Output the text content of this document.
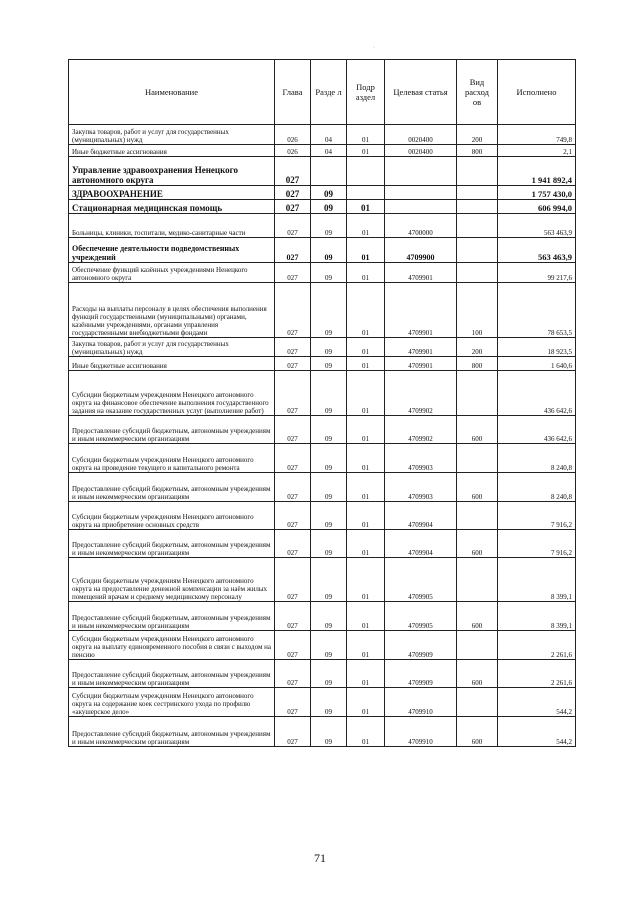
·
Наименование	Глава	Разде л	Подр аздел	Целевая статья	Вид расход ов	Исполнено
Закупка товаров, работ и услуг для государственных (муниципальных) нужд	026	04	01	0020400	200	749,8
Иные бюджетные ассигнования	026	04	01	0020400	800	2,1
Управление здравоохранения Ненецкого автономного округа	027					1 941 892,4
ЗДРАВООХРАНЕНИЕ	027	09				1 757 430,0
Стационарная медицинская помощь	027	09	01			606 994,0
Больницы, клиники, госпитали, медико-санитарные части	027	09	01	4700000		563 463,9
Обеспечение деятельности подведомственных учреждений	027	09	01	4709900		563 463,9
Обеспечение функций казённых учреждениями Ненецкого автономного округа	027	09	01	4709901		99 217,6
Расходы на выплаты персоналу в целях обеспечения выполнения функций государственными (муниципальными) органами, казёнными учреждениями, органами управления государственными внебюджетными фондами	027	09	01	4709901	100	78 653,5
Закупка товаров, работ и услуг для государственных (муниципальных) нужд	027	09	01	4709901	200	18 923,5
Иные бюджетные ассигнования	027	09	01	4709901	800	1 640,6
Субсидии бюджетным учреждениям Ненецкого автономного округа на финансовое обеспечение выполнения государственного задания на оказание государственных услуг (выполнение работ)	027	09	01	4709902		436 642,6
Предоставление субсидий бюджетным, автономным учреждениям и иным некоммерческим организациям	027	09	01	4709902	600	436 642,6
Субсидии бюджетным учреждениям Ненецкого автономного округа на проведение текущего и капитального ремонта	027	09	01	4709903		8 240,8
Предоставление субсидий бюджетным, автономным учреждениям и иным некоммерческим организациям	027	09	01	4709903	600	8 240,8
Субсидии бюджетным учреждениям Ненецкого автономного округа на приобретение основных средств	027	09	01	4709904		7 916,2
Предоставление субсидий бюджетным, автономным учреждениям и иным некоммерческим организациям	027	09	01	4709904	600	7 916,2
Субсидии бюджетным учреждениям Ненецкого автономного округа на предоставление денежной компенсации за наём жилых помещений врачам и среднему медицинскому персоналу	027	09	01	4709905		8 399,1
Предоставление субсидий бюджетным, автономным учреждениям и иным некоммерческим организациям	027	09	01	4709905	600	8 399,1
Субсидии бюджетным учреждениям Ненецкого автономного округа на выплату единовременного пособия в связи с выходом на пенсию	027	09	01	4709909		2 261,6
Предоставление субсидий бюджетным, автономным учреждениям и иным некоммерческим организациям	027	09	01	4709909	600	2 261,6
Субсидии бюджетным учреждениям Ненецкого автономного округа на содержание коек сестринского ухода по профилю «акушерское дело»	027	09	01	4709910		544,2
Предоставление субсидий бюджетным, автономным учреждениям и иным некоммерческим организациям	027	09	01	4709910	600	544,2
71
